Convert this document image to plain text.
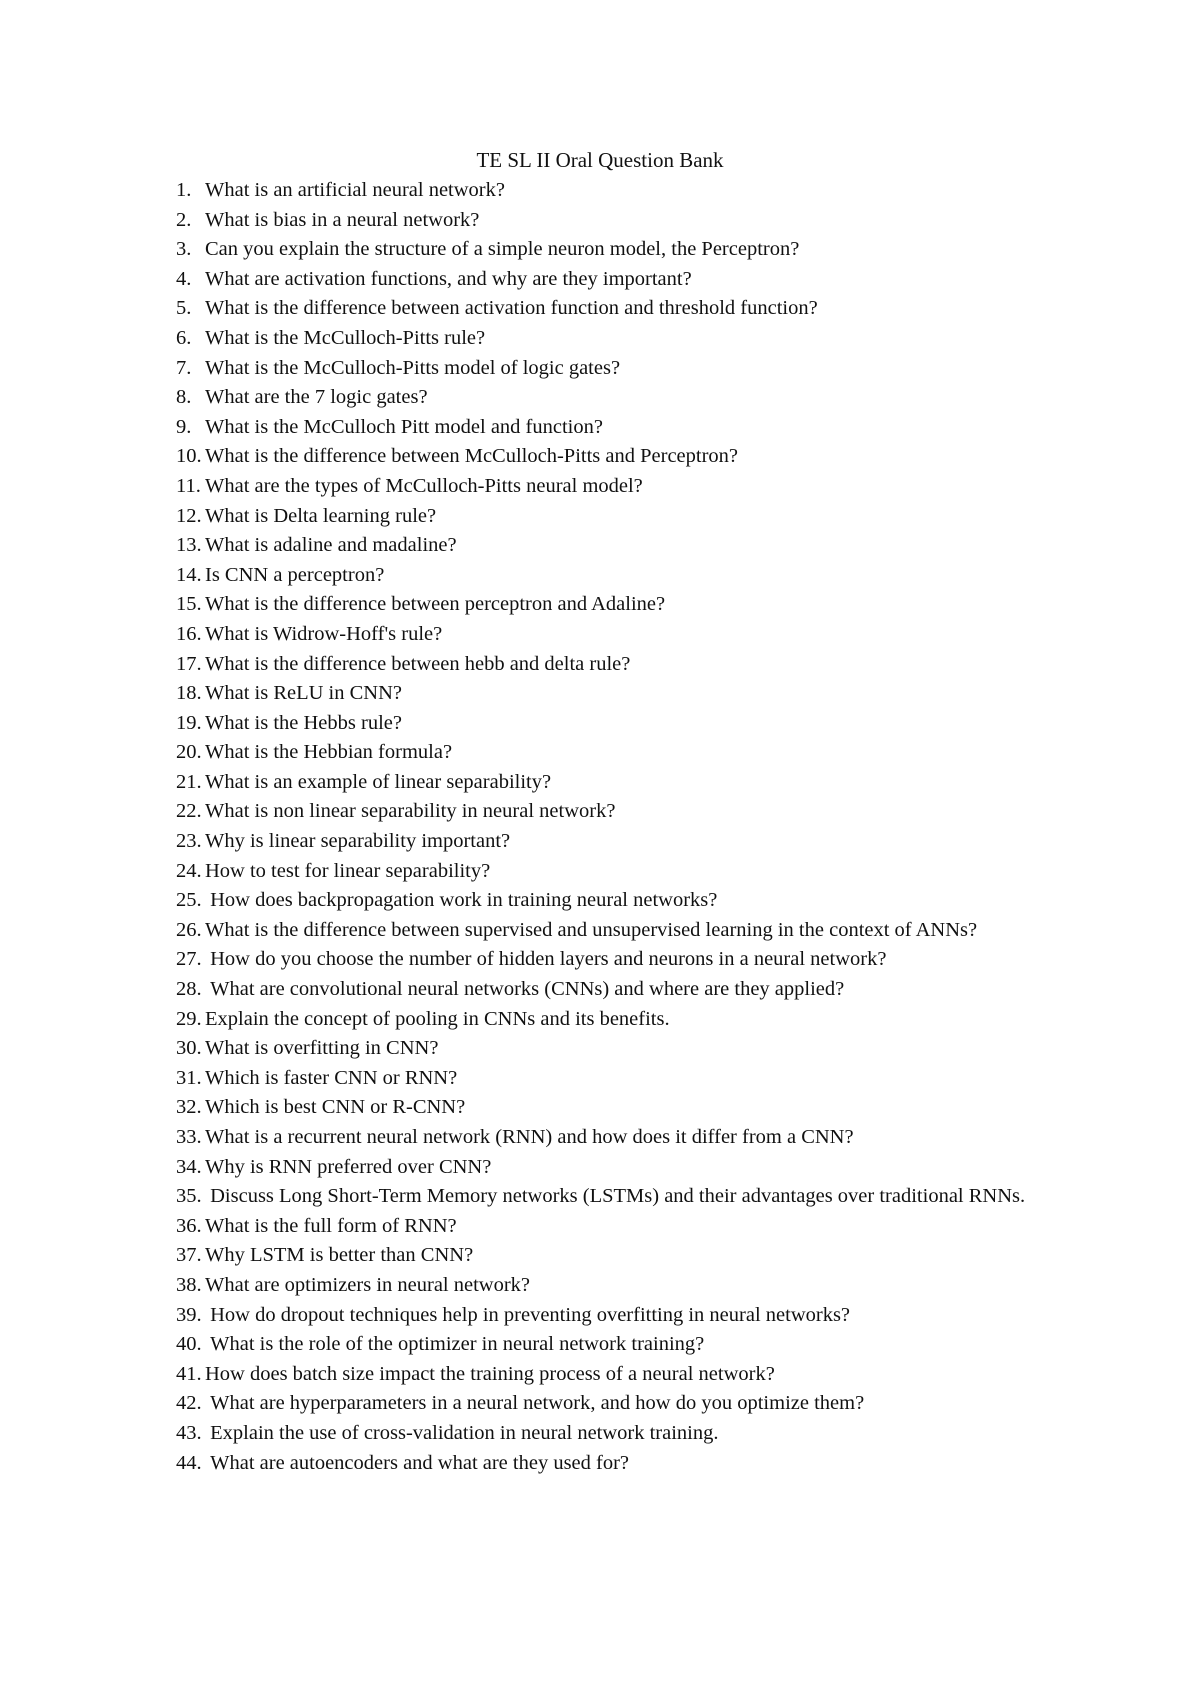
TE SL II Oral Question Bank
1. What is an artificial neural network?
2. What is bias in a neural network?
3. Can you explain the structure of a simple neuron model, the Perceptron?
4. What are activation functions, and why are they important?
5. What is the difference between activation function and threshold function?
6. What is the McCulloch-Pitts rule?
7. What is the McCulloch-Pitts model of logic gates?
8. What are the 7 logic gates?
9. What is the McCulloch Pitt model and function?
10. What is the difference between McCulloch-Pitts and Perceptron?
11. What are the types of McCulloch-Pitts neural model?
12. What is Delta learning rule?
13. What is adaline and madaline?
14. Is CNN a perceptron?
15. What is the difference between perceptron and Adaline?
16. What is Widrow-Hoff's rule?
17. What is the difference between hebb and delta rule?
18. What is ReLU in CNN?
19. What is the Hebbs rule?
20. What is the Hebbian formula?
21. What is an example of linear separability?
22. What is non linear separability in neural network?
23. Why is linear separability important?
24. How to test for linear separability?
25. How does backpropagation work in training neural networks?
26. What is the difference between supervised and unsupervised learning in the context of ANNs?
27. How do you choose the number of hidden layers and neurons in a neural network?
28. What are convolutional neural networks (CNNs) and where are they applied?
29. Explain the concept of pooling in CNNs and its benefits.
30. What is overfitting in CNN?
31. Which is faster CNN or RNN?
32. Which is best CNN or R-CNN?
33. What is a recurrent neural network (RNN) and how does it differ from a CNN?
34. Why is RNN preferred over CNN?
35. Discuss Long Short-Term Memory networks (LSTMs) and their advantages over traditional RNNs.
36. What is the full form of RNN?
37. Why LSTM is better than CNN?
38. What are optimizers in neural network?
39. How do dropout techniques help in preventing overfitting in neural networks?
40. What is the role of the optimizer in neural network training?
41. How does batch size impact the training process of a neural network?
42. What are hyperparameters in a neural network, and how do you optimize them?
43. Explain the use of cross-validation in neural network training.
44. What are autoencoders and what are they used for?
